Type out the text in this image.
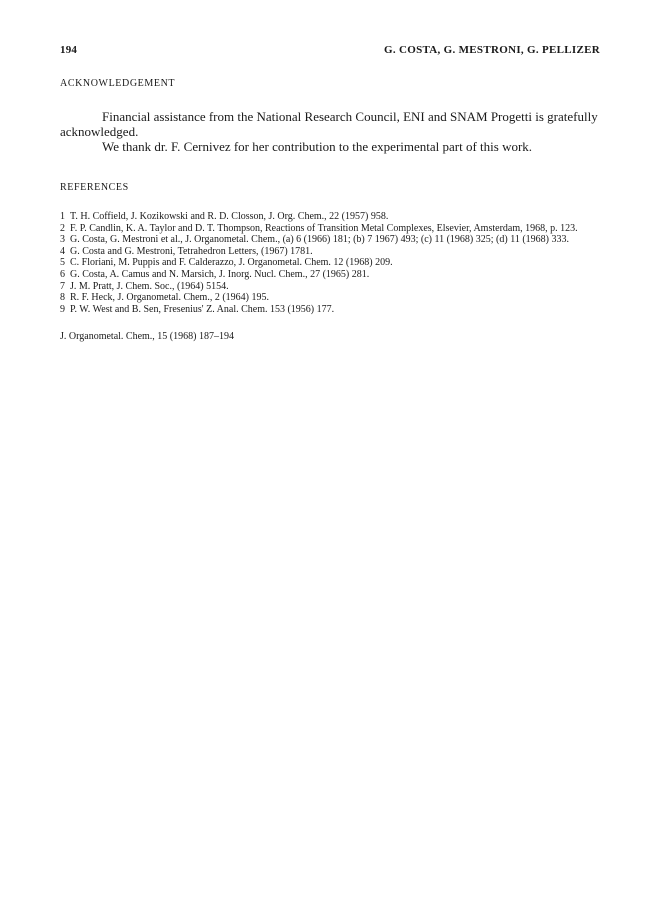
194	G. COSTA, G. MESTRONI, G. PELLIZER
ACKNOWLEDGEMENT

Financial assistance from the National Research Council, ENI and SNAM Progetti is gratefully acknowledged.

We thank dr. F. Cernivez for her contribution to the experimental part of this work.

REFERENCES
1 T. H. Coffield, J. Kozikowski and R. D. Closson, J. Org. Chem., 22 (1957) 958.
2 F. P. Candlin, K. A. Taylor and D. T. Thompson, Reactions of Transition Metal Complexes, Elsevier, Amsterdam, 1968, p. 123.
3 G. Costa, G. Mestroni et al., J. Organometal. Chem., (a) 6 (1966) 181; (b) 7 1967) 493; (c) 11 (1968) 325; (d) 11 (1968) 333.
4 G. Costa and G. Mestroni, Tetrahedron Letters, (1967) 1781.
5 C. Floriani, M. Puppis and F. Calderazzo, J. Organometal. Chem. 12 (1968) 209.
6 G. Costa, A. Camus and N. Marsich, J. Inorg. Nucl. Chem., 27 (1965) 281.
7 J. M. Pratt, J. Chem. Soc., (1964) 5154.
8 R. F. Heck, J. Organometal. Chem., 2 (1964) 195.
9 P. W. West and B. Sen, Fresenius' Z. Anal. Chem. 153 (1956) 177.
J. Organometal. Chem., 15 (1968) 187–194
